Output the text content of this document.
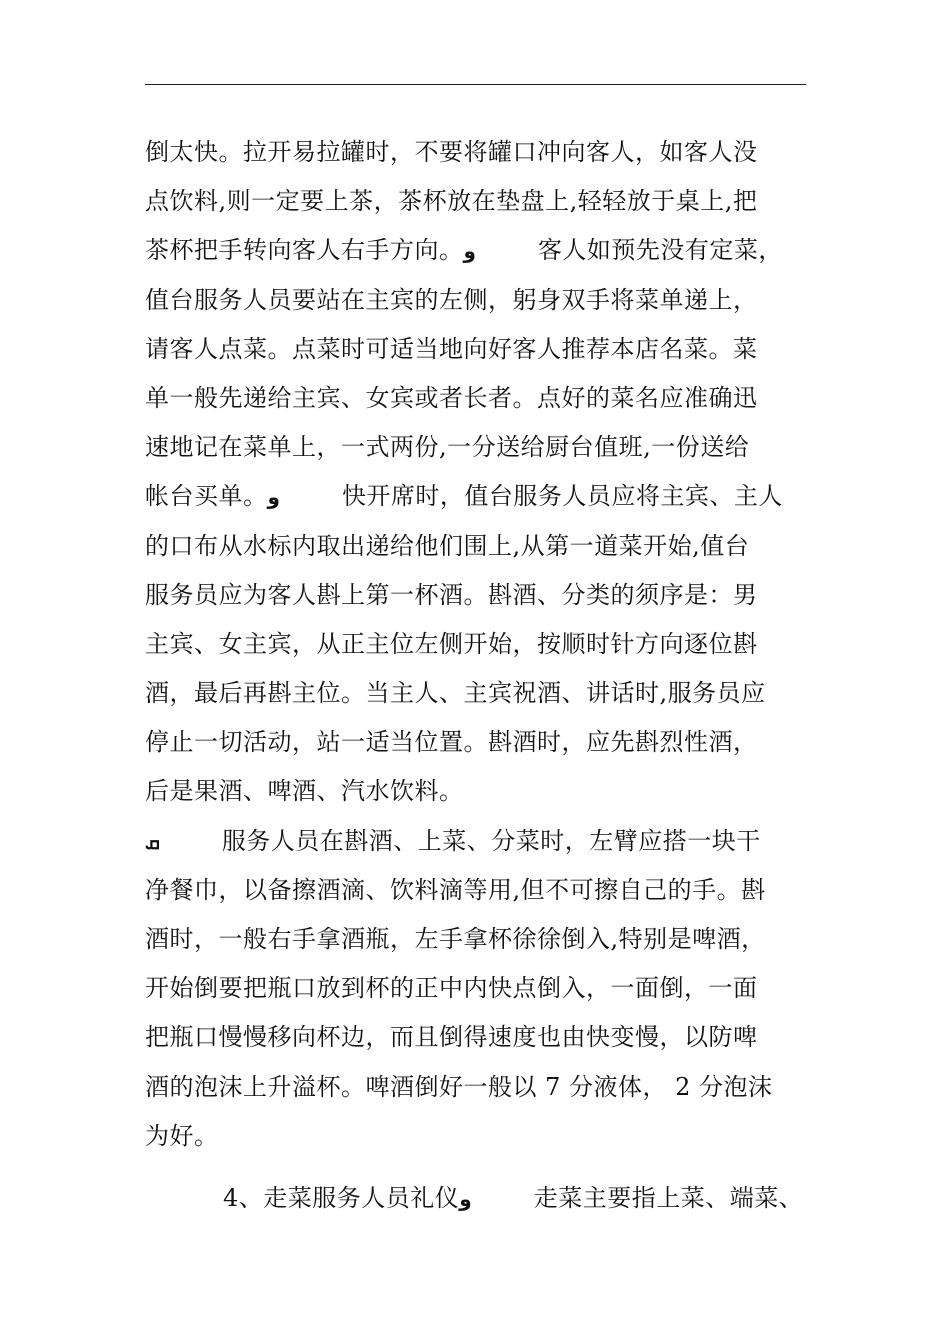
倒太快。拉开易拉罐时，不要将罐口冲向客人，如客人没
点饮料,则一定要上茶，茶杯放在垫盘上,轻轻放于桌上,把
茶杯把手转向客人右手方向。و	客人如预先没有定菜，
值台服务人员要站在主宾的左侧，躬身双手将菜单递上，
请客人点菜。点菜时可适当地向好客人推荐本店名菜。菜
单一般先递给主宾、女宾或者长者。点好的菜名应准确迅
速地记在菜单上，一式两份,一分送给厨台值班,一份送给
帐台买单。و	快开席时，值台服务人员应将主宾、主人
的口布从水标内取出递给他们围上,从第一道菜开始,值台
服务员应为客人斟上第一杯酒。斟酒、分类的须序是：男
主宾、女主宾，从正主位左侧开始，按顺时针方向逐位斟
酒，最后再斟主位。当主人、主宾祝酒、讲话时,服务员应
停止一切活动，站一适当位置。斟酒时，应先斟烈性酒，
后是果酒、啤酒、汽水饮料。
ܩ	服务人员在斟酒、上菜、分菜时，左臂应搭一块干
净餐巾，以备擦酒滴、饮料滴等用,但不可擦自己的手。斟
酒时，一般右手拿酒瓶，左手拿杯徐徐倒入,特别是啤酒，
开始倒要把瓶口放到杯的正中内快点倒入，一面倒，一面
把瓶口慢慢移向杯边，而且倒得速度也由快变慢，以防啤
酒的泡沫上升溢杯。啤酒倒好一般以 7 分液体， 2 分泡沫
为好。
4、走菜服务人员礼仪و	走菜主要指上菜、端菜、
